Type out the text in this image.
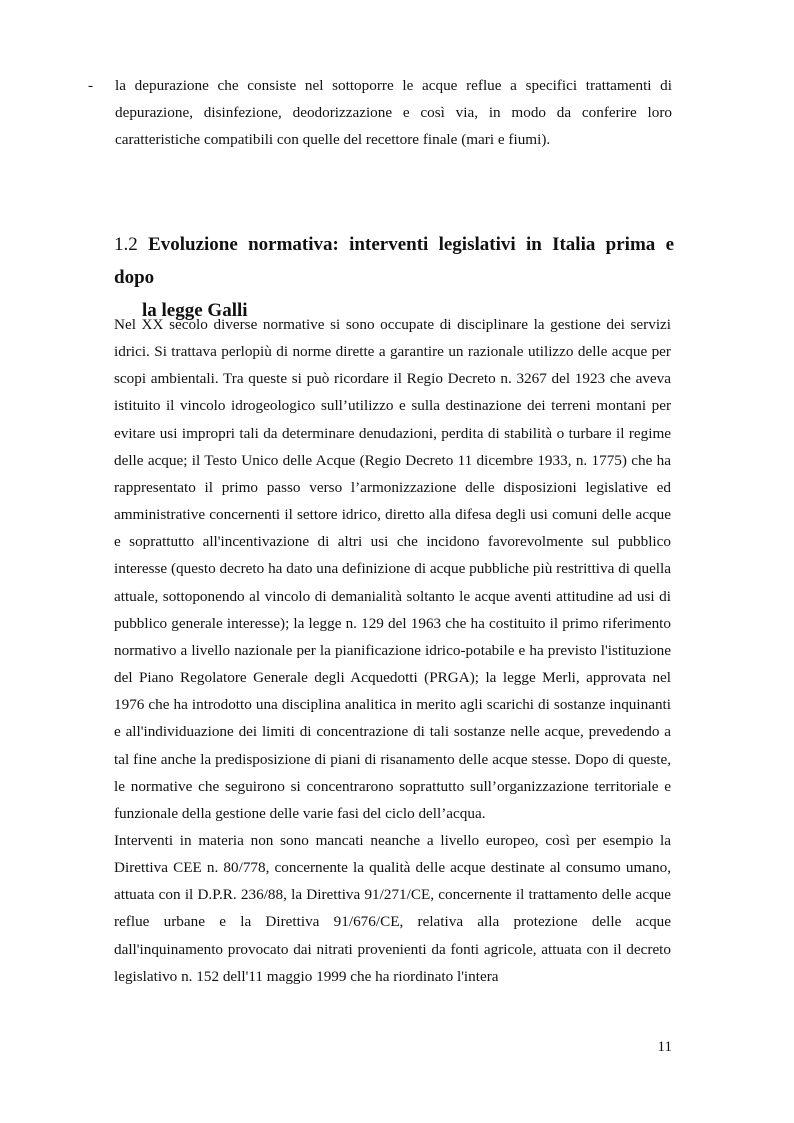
- la depurazione che consiste nel sottoporre le acque reflue a specifici trattamenti di depurazione, disinfezione, deodorizzazione e così via, in modo da conferire loro caratteristiche compatibili con quelle del recettore finale (mari e fiumi).
1.2 Evoluzione normativa: interventi legislativi in Italia prima e dopo
la legge Galli

Nel XX secolo diverse normative si sono occupate di disciplinare la gestione dei servizi idrici. Si trattava perlopiù di norme dirette a garantire un razionale utilizzo delle acque per scopi ambientali. Tra queste si può ricordare il Regio Decreto n. 3267 del 1923 che aveva istituito il vincolo idrogeologico sull’utilizzo e sulla destinazione dei terreni montani per evitare usi impropri tali da determinare denudazioni, perdita di stabilità o turbare il regime delle acque; il Testo Unico delle Acque (Regio Decreto 11 dicembre 1933, n. 1775) che ha rappresentato il primo passo verso l’armonizzazione delle disposizioni legislative ed amministrative concernenti il settore idrico, diretto alla difesa degli usi comuni delle acque e soprattutto all'incentivazione di altri usi che incidono favorevolmente sul pubblico interesse (questo decreto ha dato una definizione di acque pubbliche più restrittiva di quella attuale, sottoponendo al vincolo di demanialità soltanto le acque aventi attitudine ad usi di pubblico generale interesse); la legge n. 129 del 1963 che ha costituito il primo riferimento normativo a livello nazionale per la pianificazione idrico-potabile e ha previsto l'istituzione del Piano Regolatore Generale degli Acquedotti (PRGA); la legge Merli, approvata nel 1976 che ha introdotto una disciplina analitica in merito agli scarichi di sostanze inquinanti e all'individuazione dei limiti di concentrazione di tali sostanze nelle acque, prevedendo a tal fine anche la predisposizione di piani di risanamento delle acque stesse. Dopo di queste, le normative che seguirono si concentrarono soprattutto sull’organizzazione territoriale e funzionale della gestione delle varie fasi del ciclo dell’acqua.

Interventi in materia non sono mancati neanche a livello europeo, così per esempio la Direttiva CEE n. 80/778, concernente la qualità delle acque destinate al consumo umano, attuata con il D.P.R. 236/88, la Direttiva 91/271/CE, concernente il trattamento delle acque reflue urbane e la Direttiva 91/676/CE, relativa alla protezione delle acque dall'inquinamento provocato dai nitrati provenienti da fonti agricole, attuata con il decreto legislativo n. 152 dell'11 maggio 1999 che ha riordinato l'intera

11
